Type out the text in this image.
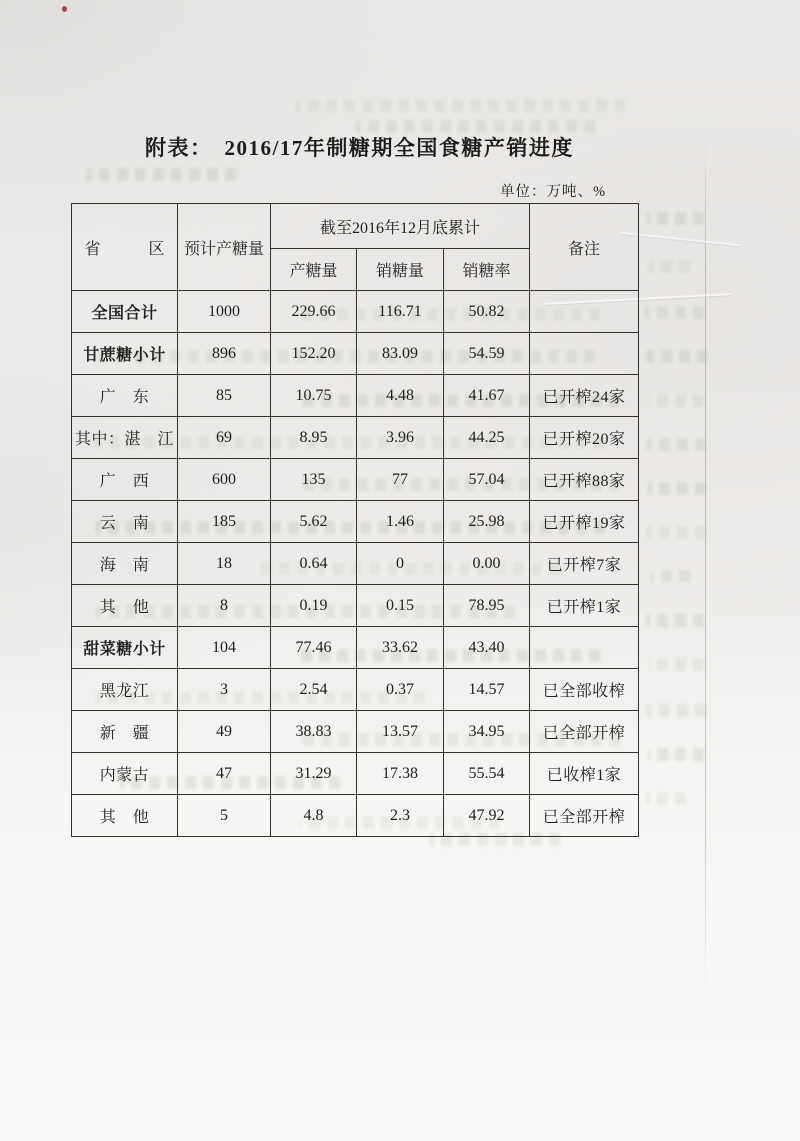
附表：　2016/17年制糖期全国食糖产销进度
单位：万吨、%
省　　　区	预计产糖量	截至2016年12月底累计			备注
		产糖量	销糖量	销糖率	
全国合计	1000	229.66	116.71	50.82	
甘蔗糖小计	896	152.20	83.09	54.59	
广　东	85	10.75	4.48	41.67	已开榨24家
其中：湛　江	69	8.95	3.96	44.25	已开榨20家
广　西	600	135	77	57.04	已开榨88家
云　南	185	5.62	1.46	25.98	已开榨19家
海　南	18	0.64	0	0.00	已开榨7家
其　他	8	0.19	0.15	78.95	已开榨1家
甜菜糖小计	104	77.46	33.62	43.40	
黑龙江	3	2.54	0.37	14.57	已全部收榨
新　疆	49	38.83	13.57	34.95	已全部开榨
内蒙古	47	31.29	17.38	55.54	已收榨1家
其　他	5	4.8	2.3	47.92	已全部开榨
